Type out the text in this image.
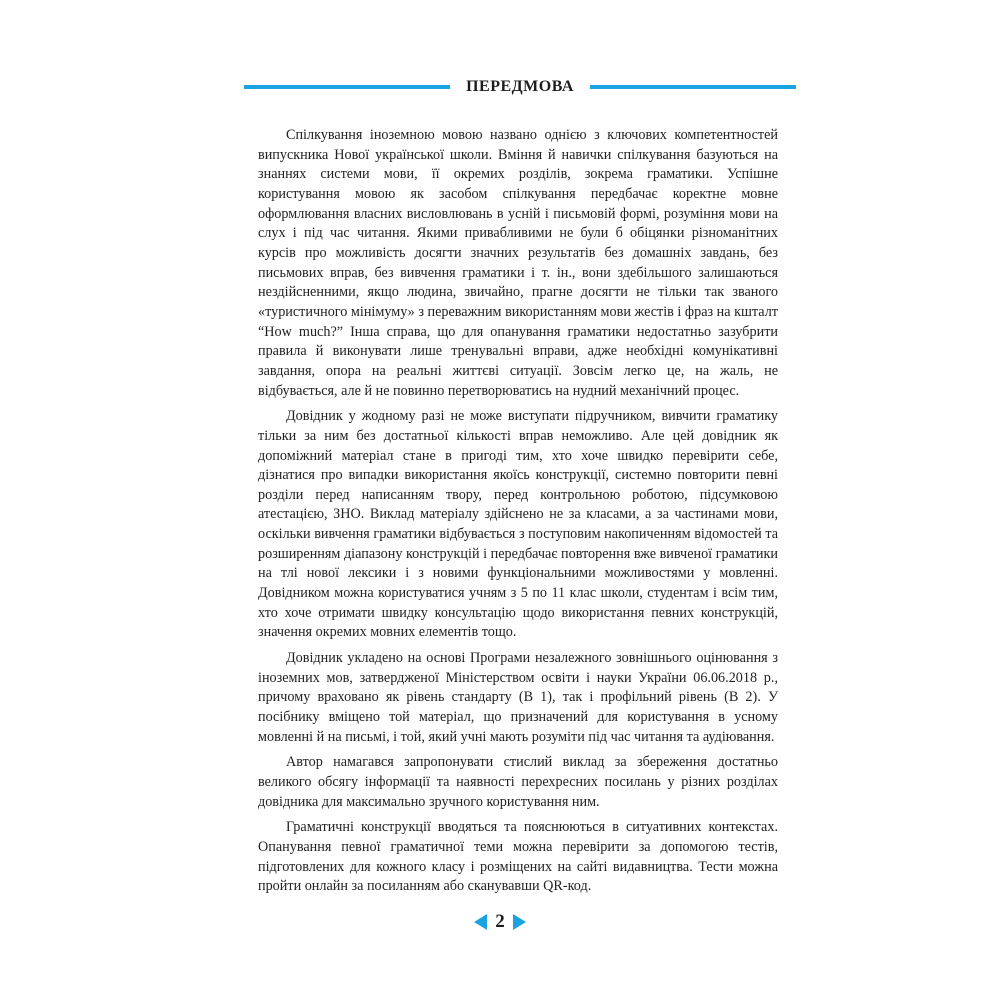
ПЕРЕДМОВА

Спілкування іноземною мовою названо однією з ключових компетентностей випускника Нової української школи. Вміння й навички спілкування базуються на знаннях системи мови, її окремих розділів, зокрема граматики. Успішне користування мовою як засобом спілкування передбачає коректне мовне оформлювання власних висловлювань в усній і письмовій формі, розуміння мови на слух і під час читання. Якими привабливими не були б обіцянки різноманітних курсів про можливість досягти значних результатів без домашніх завдань, без письмових вправ, без вивчення граматики і т. ін., вони здебільшого залишаються нездійсненними, якщо людина, звичайно, прагне досягти не тільки так званого «туристичного мінімуму» з переважним використанням мови жестів і фраз на кшталт “How much?” Інша справа, що для опанування граматики недостатньо зазубрити правила й виконувати лише тренувальні вправи, адже необхідні комунікативні завдання, опора на реальні життєві ситуації. Зовсім легко це, на жаль, не відбувається, але й не повинно перетворюватись на нудний механічний процес.

Довідник у жодному разі не може виступати підручником, вивчити граматику тільки за ним без достатньої кількості вправ неможливо. Але цей довідник як допоміжний матеріал стане в пригоді тим, хто хоче швидко перевірити себе, дізнатися про випадки використання якоїсь конструкції, системно повторити певні розділи перед написанням твору, перед контрольною роботою, підсумковою атестацією, ЗНО. Виклад матеріалу здійснено не за класами, а за частинами мови, оскільки вивчення граматики відбувається з поступовим накопиченням відомостей та розширенням діапазону конструкцій і передбачає повторення вже вивченої граматики на тлі нової лексики і з новими функціональними можливостями у мовленні. Довідником можна користуватися учням з 5 по 11 клас школи, студентам і всім тим, хто хоче отримати швидку консультацію щодо використання певних конструкцій, значення окремих мовних елементів тощо.

Довідник укладено на основі Програми незалежного зовнішнього оцінювання з іноземних мов, затвердженої Міністерством освіти і науки України 06.06.2018 р., причому враховано як рівень стандарту (В 1), так і профільний рівень (В 2). У посібнику вміщено той матеріал, що призначений для користування в усному мовленні й на письмі, і той, який учні мають розуміти під час читання та аудіювання.

Автор намагався запропонувати стислий виклад за збереження достатньо великого обсягу інформації та наявності перехресних посилань у різних розділах довідника для максимально зручного користування ним.

Граматичні конструкції вводяться та пояснюються в ситуативних контекстах. Опанування певної граматичної теми можна перевірити за допомогою тестів, підготовлених для кожного класу і розміщених на сайті видавництва. Тести можна пройти онлайн за посиланням або сканувавши QR-код.

2
